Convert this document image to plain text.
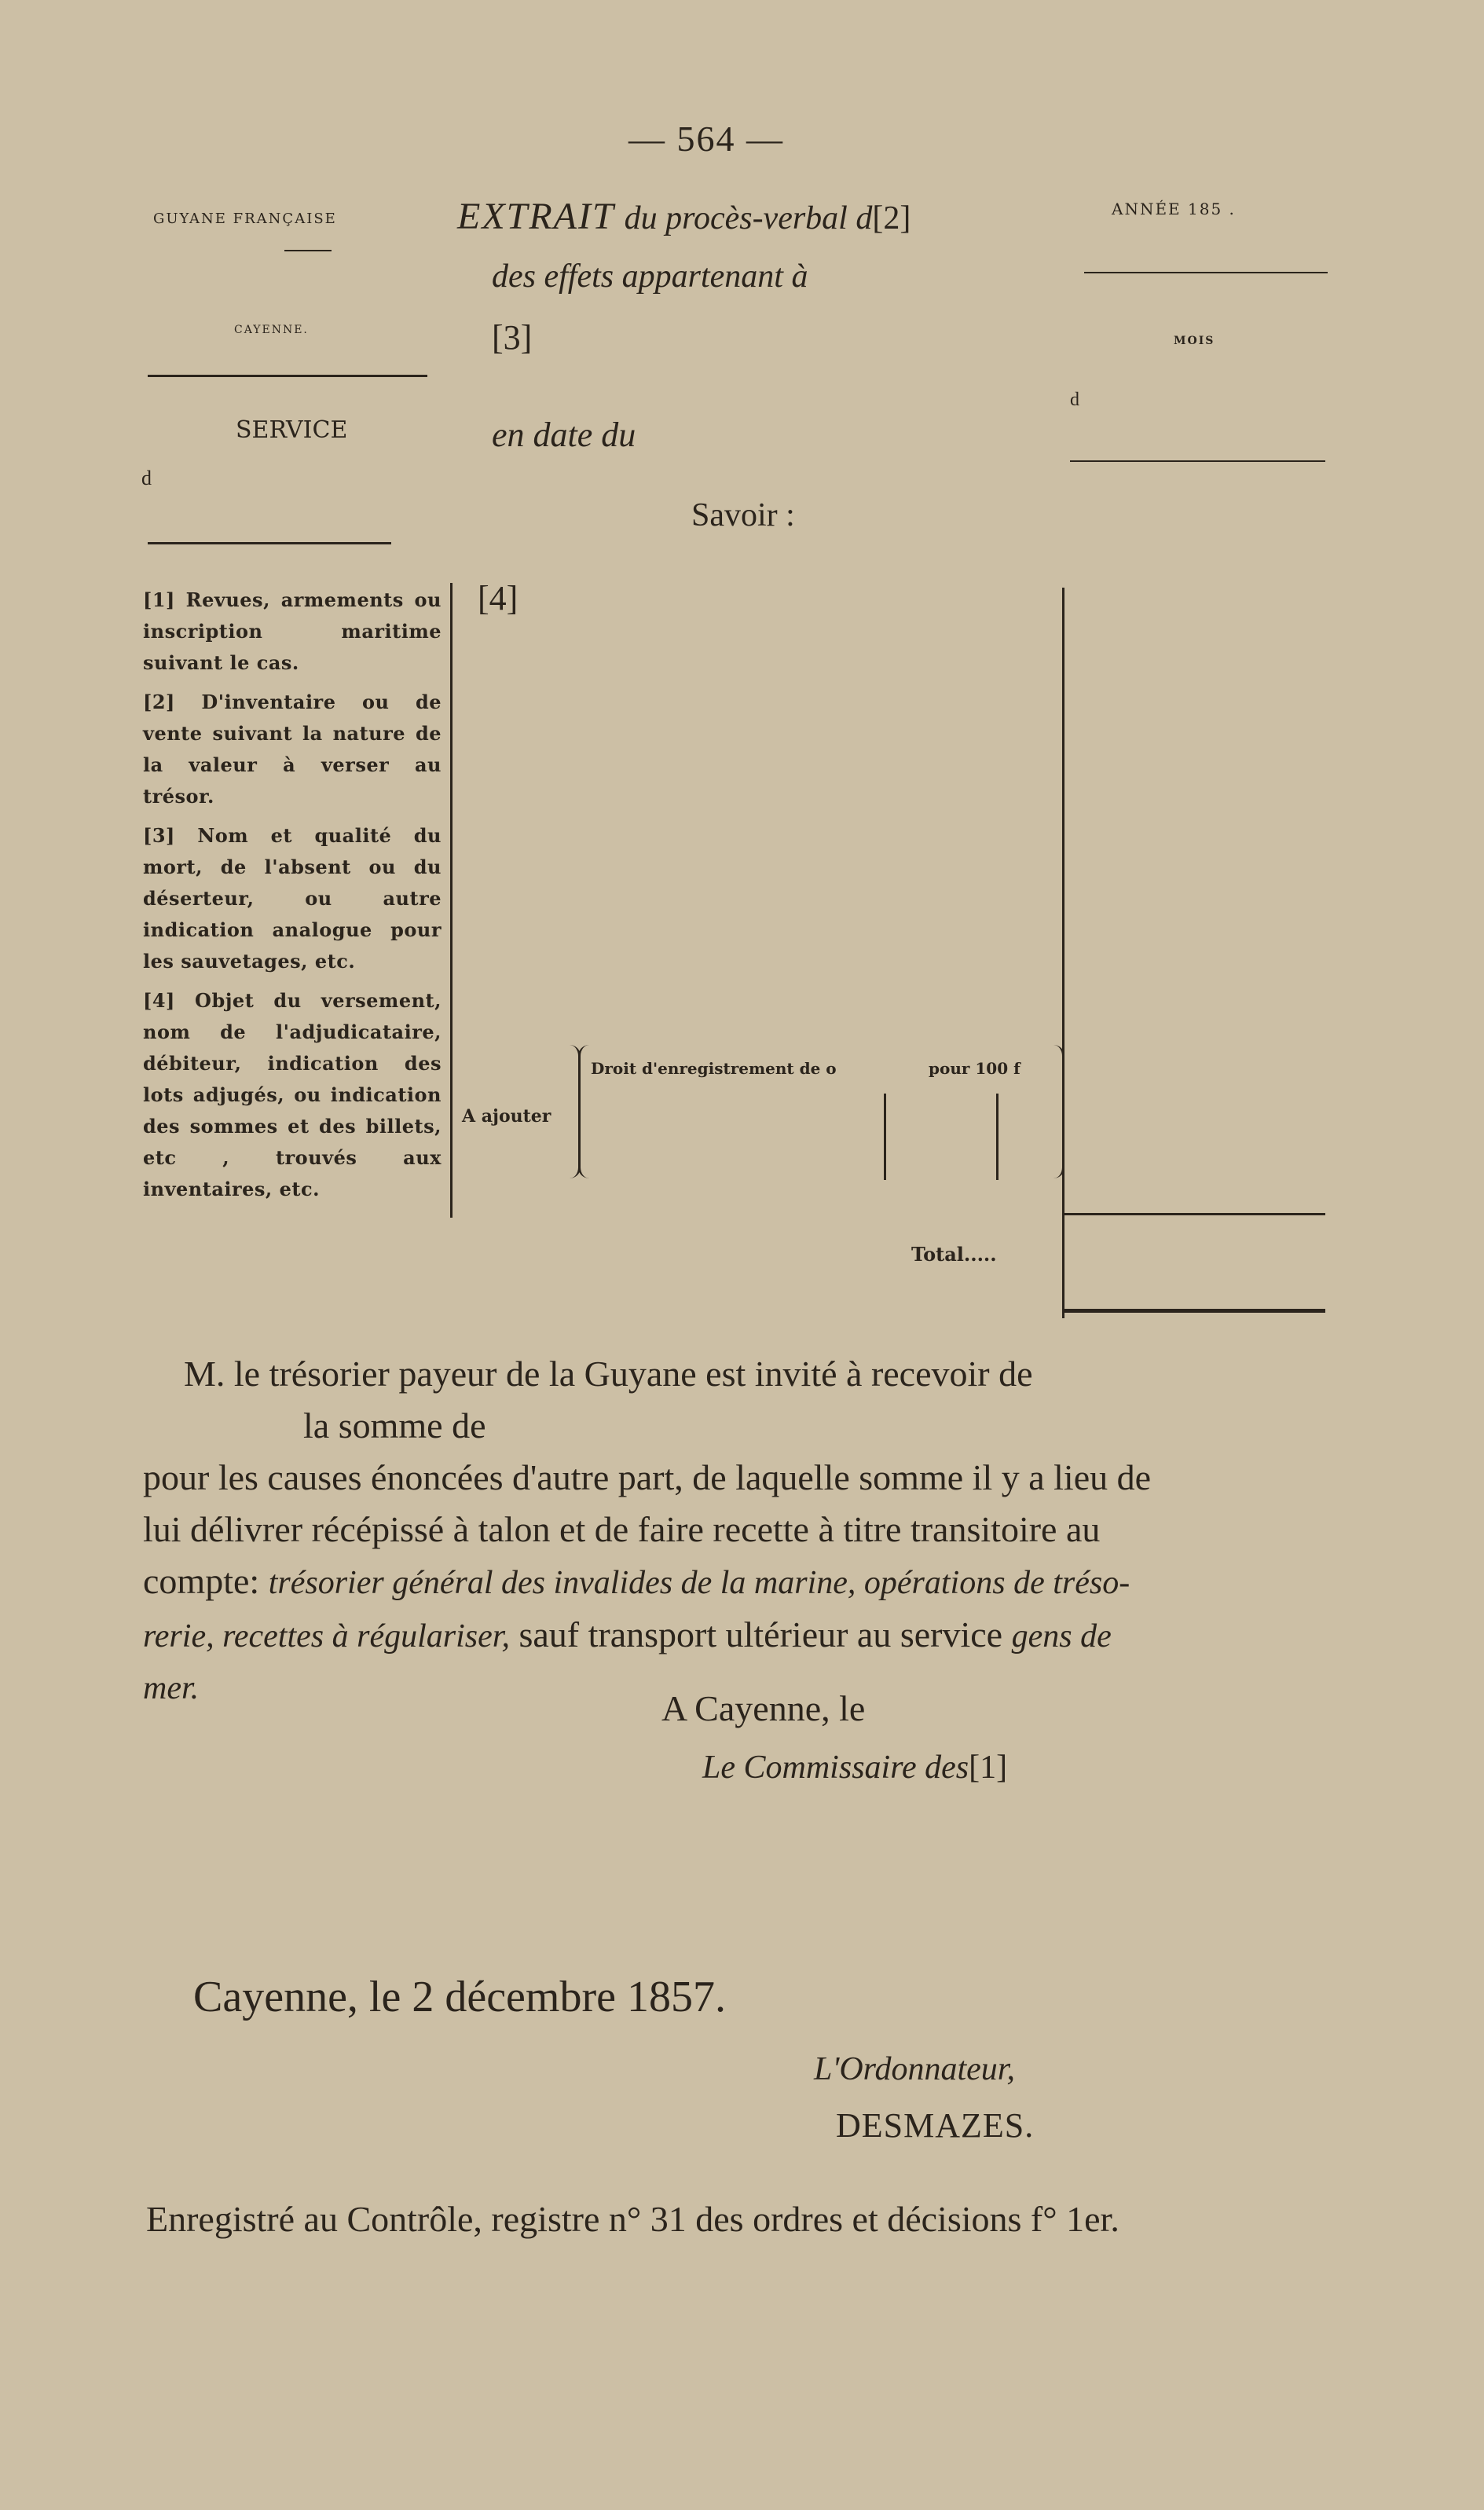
— 564 —
GUYANE FRANÇAISE
CAYENNE.
SERVICE
d
EXTRAIT du procès-verbal d[2]
des effets appartenant à
[3]
en date du
ANNÉE 185 .
MOIS
d
Savoir :

[1] Revues, armements ou inscription maritime suivant le cas.

[2] D'inventaire ou de vente suivant la nature de la valeur à verser au trésor.

[3] Nom et qualité du mort, de l'absent ou du déserteur, ou autre indication analogue pour les sauvetages, etc.

[4] Objet du versement, nom de l'adjudicataire, débiteur, indication des lots adjugés, ou indication des sommes et des billets, etc , trouvés aux inventaires, etc.

[4]
A ajouter
Droit d'enregistrement de o	pour 100 f
Total.....
M. le trésorier payeur de la Guyane est invité à recevoir de
la somme de
pour les causes énoncées d'autre part, de laquelle somme il y a lieu de
lui délivrer récépissé à talon et de faire recette à titre transitoire au
compte: trésorier général des invalides de la marine, opérations de tréso-
rerie, recettes à régulariser, sauf transport ultérieur au service gens de
mer.	A Cayenne, le
Le Commissaire des[1]
Cayenne, le 2 décembre 1857.
L'Ordonnateur,
DESMAZES.
Enregistré au Contrôle, registre n° 31 des ordres et décisions f° 1er.
